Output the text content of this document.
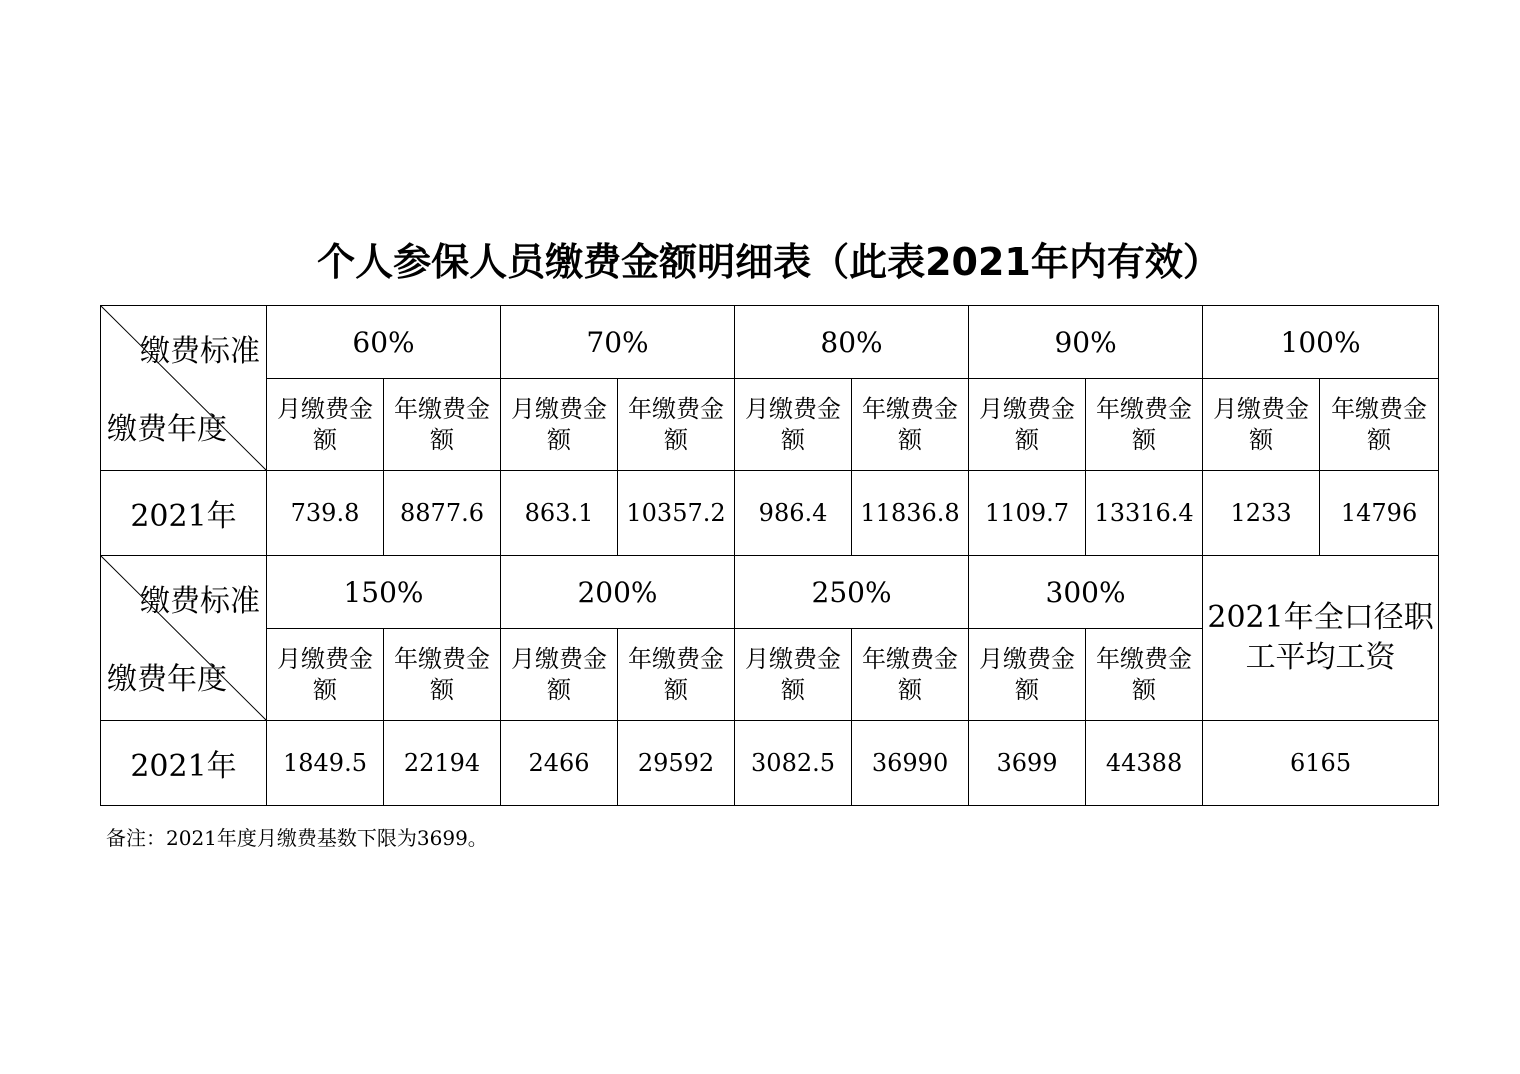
个人参保人员缴费金额明细表（此表2021年内有效）
缴费标准
缴费年度	60%		70%		80%		90%		100%	
	月缴费金额	年缴费金额	月缴费金额	年缴费金额	月缴费金额	年缴费金额	月缴费金额	年缴费金额	月缴费金额	年缴费金额
2021年	739.8	8877.6	863.1	10357.2	986.4	11836.8	1109.7	13316.4	1233	14796

缴费标准
缴费年度	150%		200%		250%		300%		2021年全口径职工平均工资	
	月缴费金额	年缴费金额	月缴费金额	年缴费金额	月缴费金额	年缴费金额	月缴费金额	年缴费金额		
2021年	1849.5	22194	2466	29592	3082.5	36990	3699	44388	6165	
备注：2021年度月缴费基数下限为3699。
